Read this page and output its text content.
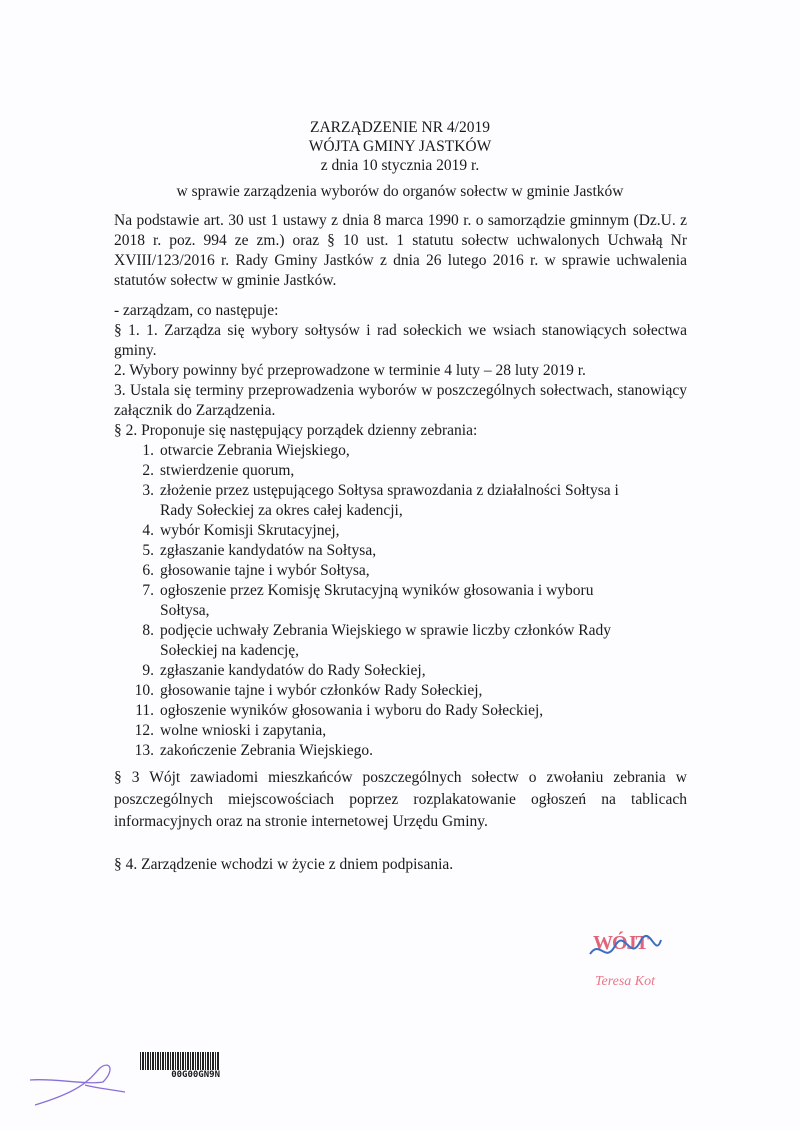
ZARZĄDZENIE NR 4/2019
WÓJTA GMINY JASTKÓW
z dnia 10 stycznia 2019 r.
w sprawie zarządzenia wyborów do organów sołectw w gminie Jastków
Na podstawie art. 30 ust 1 ustawy z dnia 8 marca 1990 r. o samorządzie gminnym (Dz.U. z 2018 r. poz. 994 ze zm.) oraz § 10 ust. 1 statutu sołectw uchwalonych Uchwałą Nr XVIII/123/2016 r. Rady Gminy Jastków z dnia 26 lutego 2016 r. w sprawie uchwalenia statutów sołectw w gminie Jastków.

- zarządzam, co następuje:

§ 1. 1. Zarządza się wybory sołtysów i rad sołeckich we wsiach stanowiących sołectwa gminy.

2. Wybory powinny być przeprowadzone w terminie 4 luty – 28 luty 2019 r.

3. Ustala się terminy przeprowadzenia wyborów w poszczególnych sołectwach, stanowiący załącznik do Zarządzenia.

§ 2. Proponuje się następujący porządek dzienny zebrania:

1. otwarcie Zebrania Wiejskiego,
2. stwierdzenie quorum,
3. złożenie przez ustępującego Sołtysa sprawozdania z działalności Sołtysa i Rady Sołeckiej za okres całej kadencji,
4. wybór Komisji Skrutacyjnej,
5. zgłaszanie kandydatów na Sołtysa,
6. głosowanie tajne i wybór Sołtysa,
7. ogłoszenie przez Komisję Skrutacyjną wyników głosowania i wyboru Sołtysa,
8. podjęcie uchwały Zebrania Wiejskiego w sprawie liczby członków Rady Sołeckiej na kadencję,
9. zgłaszanie kandydatów do Rady Sołeckiej,
10. głosowanie tajne i wybór członków Rady Sołeckiej,
11. ogłoszenie wyników głosowania i wyboru do Rady Sołeckiej,
12. wolne wnioski i zapytania,
13. zakończenie Zebrania Wiejskiego.
§ 3 Wójt zawiadomi mieszkańców poszczególnych sołectw o zwołaniu zebrania w poszczególnych miejscowościach poprzez rozplakatowanie ogłoszeń na tablicach informacyjnych oraz na stronie internetowej Urzędu Gminy.
§ 4. Zarządzenie wchodzi w życie z dniem podpisania.
WÓJT
Teresa Kot
00G00GN9N
